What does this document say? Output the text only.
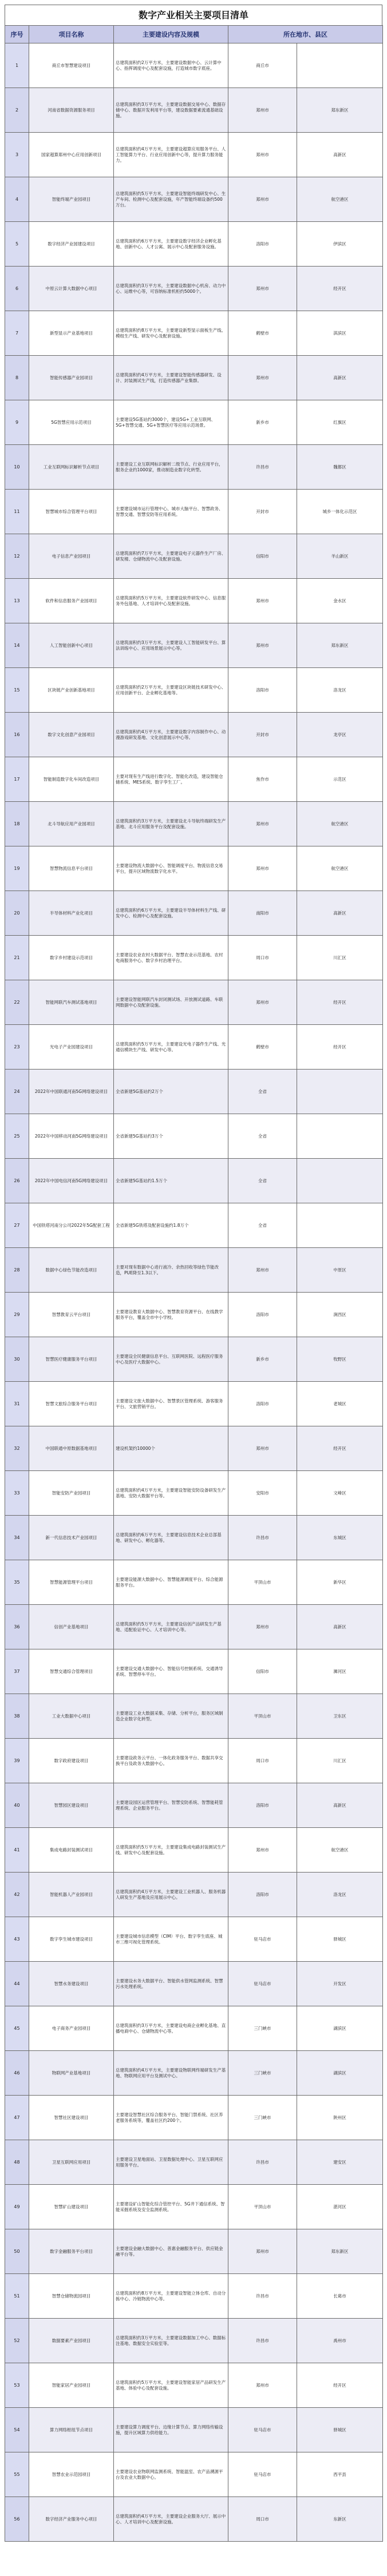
数字产业相关主要项目清单
序号	项目名称	主要建设内容及规模	所在地市、县区	
1	商丘市智慧建设项目	总建筑面积约2万平方米，主要建设数据中心、云计算中心、指挥调度中心及配套设施，打造城市数字底座。	商丘市	
2	河南省数据资源服务项目	总建筑面积约3万平方米，主要建设数据交易中心、数据存储中心、数据开发利用平台等，建设数据要素流通基础设施。	郑州市	郑东新区
3	国家超算郑州中心应用创新项目	总建筑面积约4万平方米，主要建设超算应用服务平台、人工智能算力平台、行业应用创新中心等，提升算力服务能力。	郑州市	高新区
4	智能终端产业园项目	总建筑面积约5万平方米，主要建设智能终端研发中心、生产车间、检测中心及配套设施，年产智能终端设备约500万台。	郑州市	航空港区
5	数字经济产业园建设项目	总建筑面积约6万平方米，主要建设数字经济企业孵化基地、创新中心、人才公寓、展示中心及配套服务设施。	洛阳市	伊滨区
6	中原云计算大数据中心项目	总建筑面积约3万平方米，主要建设数据中心机房、动力中心、运维中心等，可容纳标准机柜约5000个。	郑州市	经开区
7	新型显示产业基地项目	总建筑面积约8万平方米，主要建设新型显示面板生产线、模组生产线、研发中心及配套设施。	鹤壁市	淇滨区
8	智能传感器产业园项目	总建筑面积约4万平方米，主要建设智能传感器研发、设计、封装测试生产线，打造传感器产业集群。	郑州市	高新区
9	5G智慧应用示范项目	主要建设5G基站约3000个，建设5G+工业互联网、5G+智慧交通、5G+智慧医疗等应用示范场景。	新乡市	红旗区
10	工业互联网标识解析节点项目	主要建设工业互联网标识解析二级节点、行业应用平台，服务企业约1000家，推动制造业数字化转型。	许昌市	魏都区
11	智慧城市综合管理平台项目	主要建设城市运行管理中心、城市大脑平台、智慧政务、智慧交通、智慧安防等应用系统。	开封市	城乡一体化示范区
12	电子信息产业园项目	总建筑面积约7万平方米，主要建设电子元器件生产厂房、研发楼、仓储物流中心及配套设施。	信阳市	羊山新区
13	软件和信息服务产业园项目	总建筑面积约5万平方米，主要建设软件研发中心、信息服务外包基地、人才培训中心及配套设施。	郑州市	金水区
14	人工智能创新中心项目	总建筑面积约3万平方米，主要建设人工智能研发平台、算法训练中心、应用场景展示中心等。	郑州市	郑东新区
15	区块链产业创新基地项目	总建筑面积约2万平方米，主要建设区块链技术研发中心、应用创新平台、企业孵化基地等。	洛阳市	洛龙区
16	数字文化创意产业园项目	总建筑面积约4万平方米，主要建设数字内容制作中心、动漫游戏研发基地、文化创意展示中心等。	开封市	龙亭区
17	智能制造数字化车间改造项目	主要对现有生产线进行数字化、智能化改造，建设智能仓储系统、MES系统、数字孪生工厂。	焦作市	示范区
18	北斗导航应用产业园项目	总建筑面积约3万平方米，主要建设北斗导航终端研发生产基地、北斗应用服务平台及配套设施。	郑州市	航空港区
19	智慧物流信息平台项目	主要建设物流大数据中心、智能调度平台、物流信息交易平台，提升区域物流数字化水平。	郑州市	航空港区
20	半导体材料产业化项目	总建筑面积约6万平方米，主要建设半导体材料生产线、研发中心、检测中心及配套设施。	南阳市	高新区
21	数字乡村建设示范项目	主要建设农业农村大数据平台、智慧农业示范基地、农村电商服务中心、数字乡村治理平台。	周口市	川汇区
22	智能网联汽车测试基地项目	主要建设智能网联汽车封闭测试场、开放测试道路、车联网数据中心及配套设施。	郑州市	经开区
23	光电子产业园建设项目	总建筑面积约5万平方米，主要建设光电子器件生产线、光通信模块生产线、研发中心等。	鹤壁市	经开区
24	2022年中国联通河南5G网络建设项目	全省新建5G基站约2万个	全省	
25	2022年中国移动河南5G网络建设项目	全省新建5G基站约3万个	全省	
26	2022年中国电信河南5G网络建设项目	全省新建5G基站约1.5万个	全省	
27	中国铁塔河南分公司2022年5G配套工程	全省新建5G铁塔及配套设施约1.8万个	全省	
28	数据中心绿色节能改造项目	主要对现有数据中心进行液冷、余热回收等绿色节能改造，PUE降至1.3以下。	郑州市	中原区
29	智慧教育云平台项目	主要建设教育大数据中心、智慧教育资源平台、在线教学服务平台，覆盖全市中小学校。	洛阳市	涧西区
30	智慧医疗健康服务平台项目	主要建设全民健康信息平台、互联网医院、远程医疗服务中心及医疗大数据中心。	新乡市	牧野区
31	智慧文旅综合服务平台项目	主要建设文旅大数据中心、智慧景区管理系统、游客服务平台、文旅营销平台。	洛阳市	老城区
32	中国联通中原数据基地项目	建设机架约10000个	郑州市	经开区
33	智能安防产业园项目	总建筑面积约4万平方米，主要建设智能安防设备研发生产基地、安防大数据平台等。	安阳市	文峰区
34	新一代信息技术产业园项目	总建筑面积约6万平方米，主要建设信息技术企业总部基地、研发中心、孵化器等。	许昌市	东城区
35	智慧能源管理平台项目	主要建设能源大数据中心、智慧能源调度平台、综合能源服务平台。	平顶山市	新华区
36	信创产业基地项目	总建筑面积约5万平方米，主要建设信创产品研发生产基地、适配验证中心、人才培训中心等。	郑州市	高新区
37	智慧交通综合管理项目	主要建设交通大数据中心、智能信号控制系统、交通诱导系统、智慧停车平台。	信阳市	浉河区
38	工业大数据中心项目	主要建设工业大数据采集、存储、分析平台，服务区域制造企业数字化转型。	平顶山市	卫东区
39	数字政府建设项目	主要建设政务云平台、一体化政务服务平台、数据共享交换平台及政务大数据中心。	周口市	川汇区
40	智慧园区建设项目	主要建设园区运营管理平台、智慧安防系统、智慧能耗管理系统、企业服务平台。	洛阳市	高新区
41	集成电路封装测试项目	总建筑面积约5万平方米，主要建设集成电路封装测试生产线、研发中心及配套设施。	郑州市	航空港区
42	智能机器人产业园项目	总建筑面积约4万平方米，主要建设工业机器人、服务机器人研发生产基地及应用展示中心。	洛阳市	洛龙区
43	数字孪生城市建设项目	主要建设城市信息模型（CIM）平台、数字孪生底座、城市三维可视化管理系统。	驻马店市	驿城区
44	智慧水务建设项目	主要建设水务大数据平台、智能供水管网监测系统、智慧污水处理系统。	驻马店市	开发区
45	电子商务产业园项目	总建筑面积约3万平方米，主要建设电商企业孵化基地、直播电商中心、仓储物流中心等。	三门峡市	湖滨区
46	物联网产业基地项目	总建筑面积约4万平方米，主要建设物联网终端研发生产基地、物联网应用平台及测试中心。	三门峡市	湖滨区
47	智慧社区建设项目	主要建设智慧社区综合服务平台、智能门禁系统、社区养老服务系统等，覆盖社区约200个。	三门峡市	陕州区
48	卫星互联网应用项目	主要建设卫星地面站、卫星数据处理中心、卫星互联网应用服务平台。	许昌市	建安区
49	智慧矿山建设项目	主要建设矿山智能化综合管控平台、5G井下通信系统、智能采掘系统及安全监测系统。	平顶山市	湛河区
50	数字金融服务平台项目	主要建设金融大数据中心、普惠金融服务平台、供应链金融平台等。	郑州市	郑东新区
51	智慧仓储物流园项目	总建筑面积约8万平方米，主要建设智能立体仓库、自动分拣中心、冷链物流中心等。	许昌市	长葛市
52	数据要素产业园项目	总建筑面积约3万平方米，主要建设数据加工中心、数据标注基地、数据安全实验室等。	许昌市	禹州市
53	智能家居产业园项目	总建筑面积约5万平方米，主要建设智能家居产品研发生产基地、体验中心及配套设施。	郑州市	经开区
54	算力网络枢纽节点项目	主要建设算力调度平台、边缘计算节点、算力网络传输设施，提升区域算力供给能力。	驻马店市	驿城区
55	智慧农业示范园项目	主要建设农业物联网监测系统、智能温室、农产品溯源平台及农业大数据中心。	驻马店市	西平县
56	数字经济产业服务中心项目	总建筑面积约4万平方米，主要建设企业服务大厅、展示中心、人才培训中心及配套设施。	周口市	东新区
